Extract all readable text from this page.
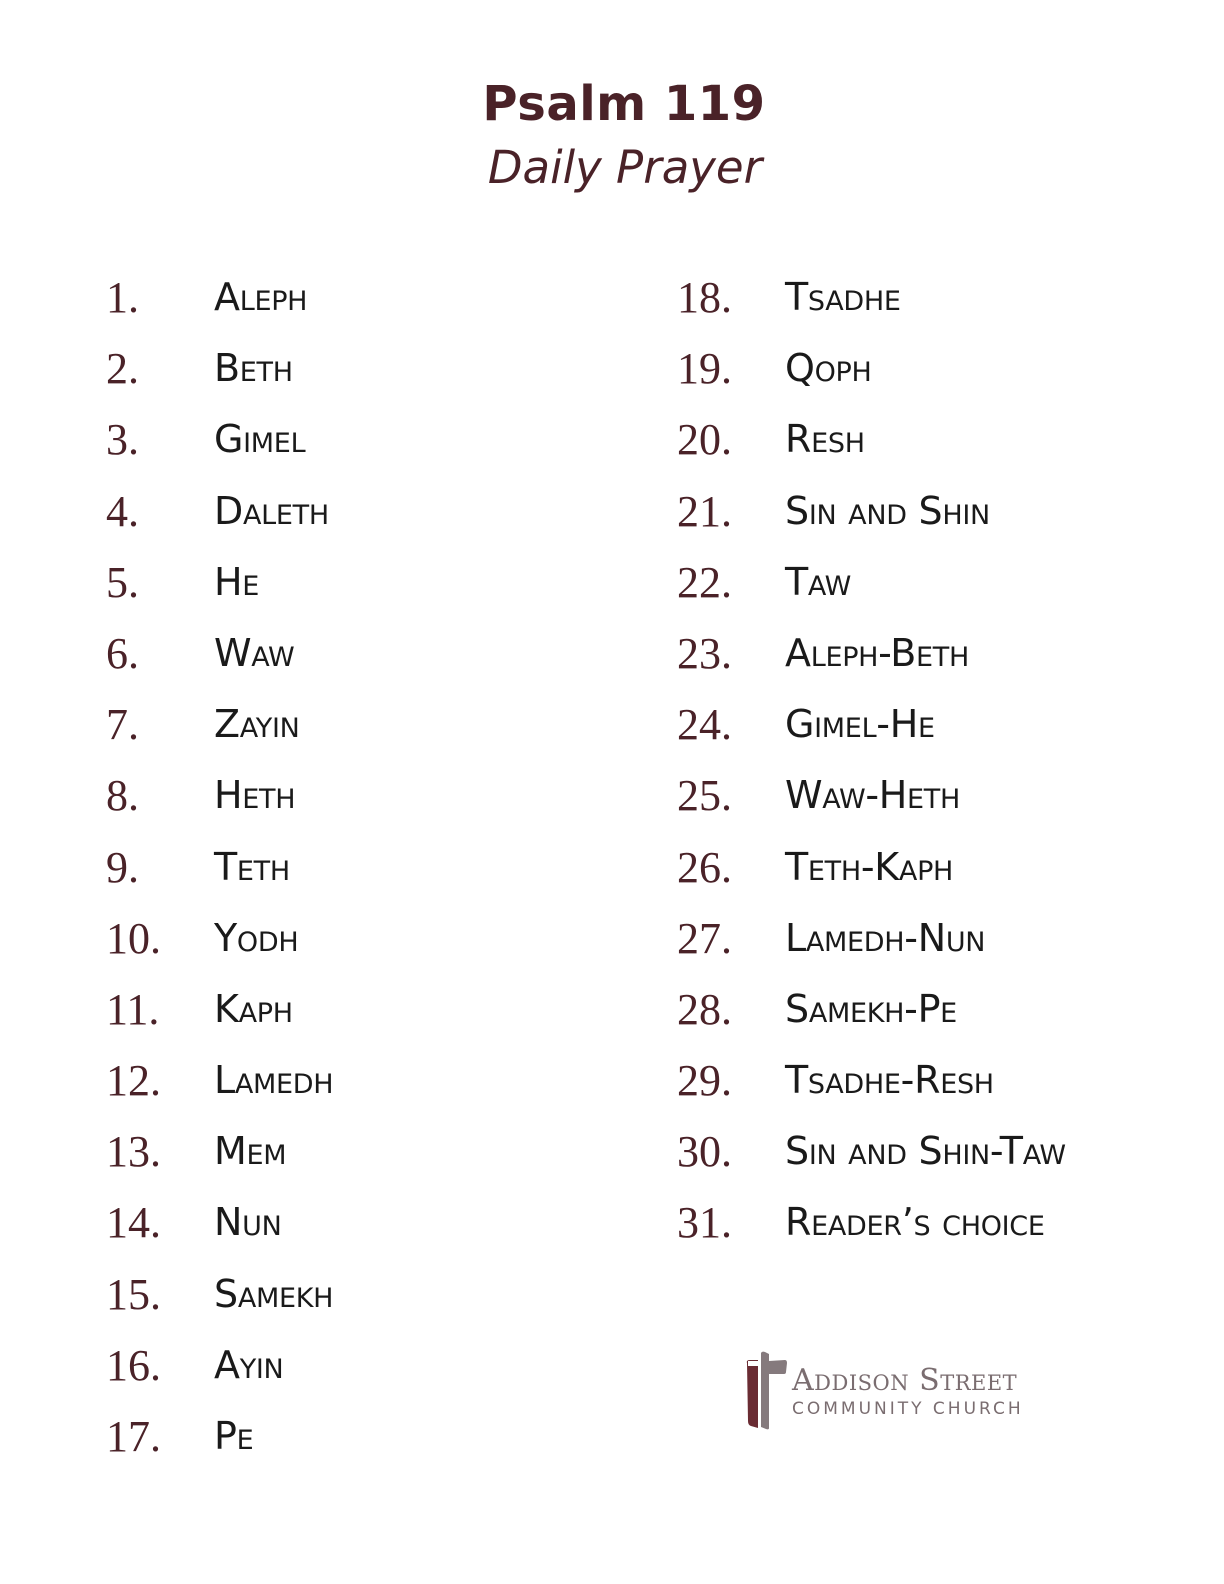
Psalm 119
Daily Prayer
1. Aleph
2. Beth
3. Gimel
4. Daleth
5. He
6. Waw
7. Zayin
8. Heth
9. Teth
10. Yodh
11. Kaph
12. Lamedh
13. Mem
14. Nun
15. Samekh
16. Ayin
17. Pe
18. Tsadhe
19. Qoph
20. Resh
21. Sin and Shin
22. Taw
23. Aleph-Beth
24. Gimel-He
25. Waw-Heth
26. Teth-Kaph
27. Lamedh-Nun
28. Samekh-Pe
29. Tsadhe-Resh
30. Sin and Shin-Taw
31. Reader’s choice
Addison Street
COMMUNITY CHURCH
